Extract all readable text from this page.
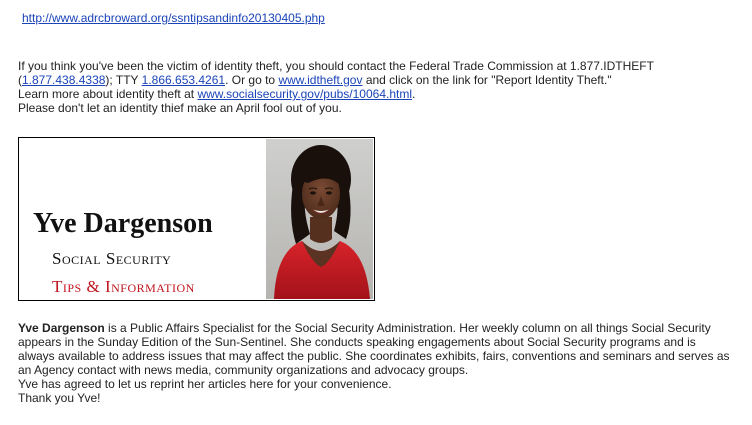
http://www.adrcbroward.org/ssntipsandinfo20130405.php

If you think you've been the victim of identity theft, you should contact the Federal Trade Commission at 1.877.IDTHEFT (1.877.438.4338); TTY 1.866.653.4261. Or go to www.idtheft.gov and click on the link for "Report Identity Theft."

Learn more about identity theft at www.socialsecurity.gov/pubs/10064.html.

Please don't let an identity thief make an April fool out of you.

Yve Dargenson
Social Security
Tips & Information

Yve Dargenson is a Public Affairs Specialist for the Social Security Administration. Her weekly column on all things Social Security appears in the Sunday Edition of the Sun-Sentinel. She conducts speaking engagements about Social Security programs and is always available to address issues that may affect the public. She coordinates exhibits, fairs, conventions and seminars and serves as an Agency contact with news media, community organizations and advocacy groups.

Yve has agreed to let us reprint her articles here for your convenience.

Thank you Yve!
